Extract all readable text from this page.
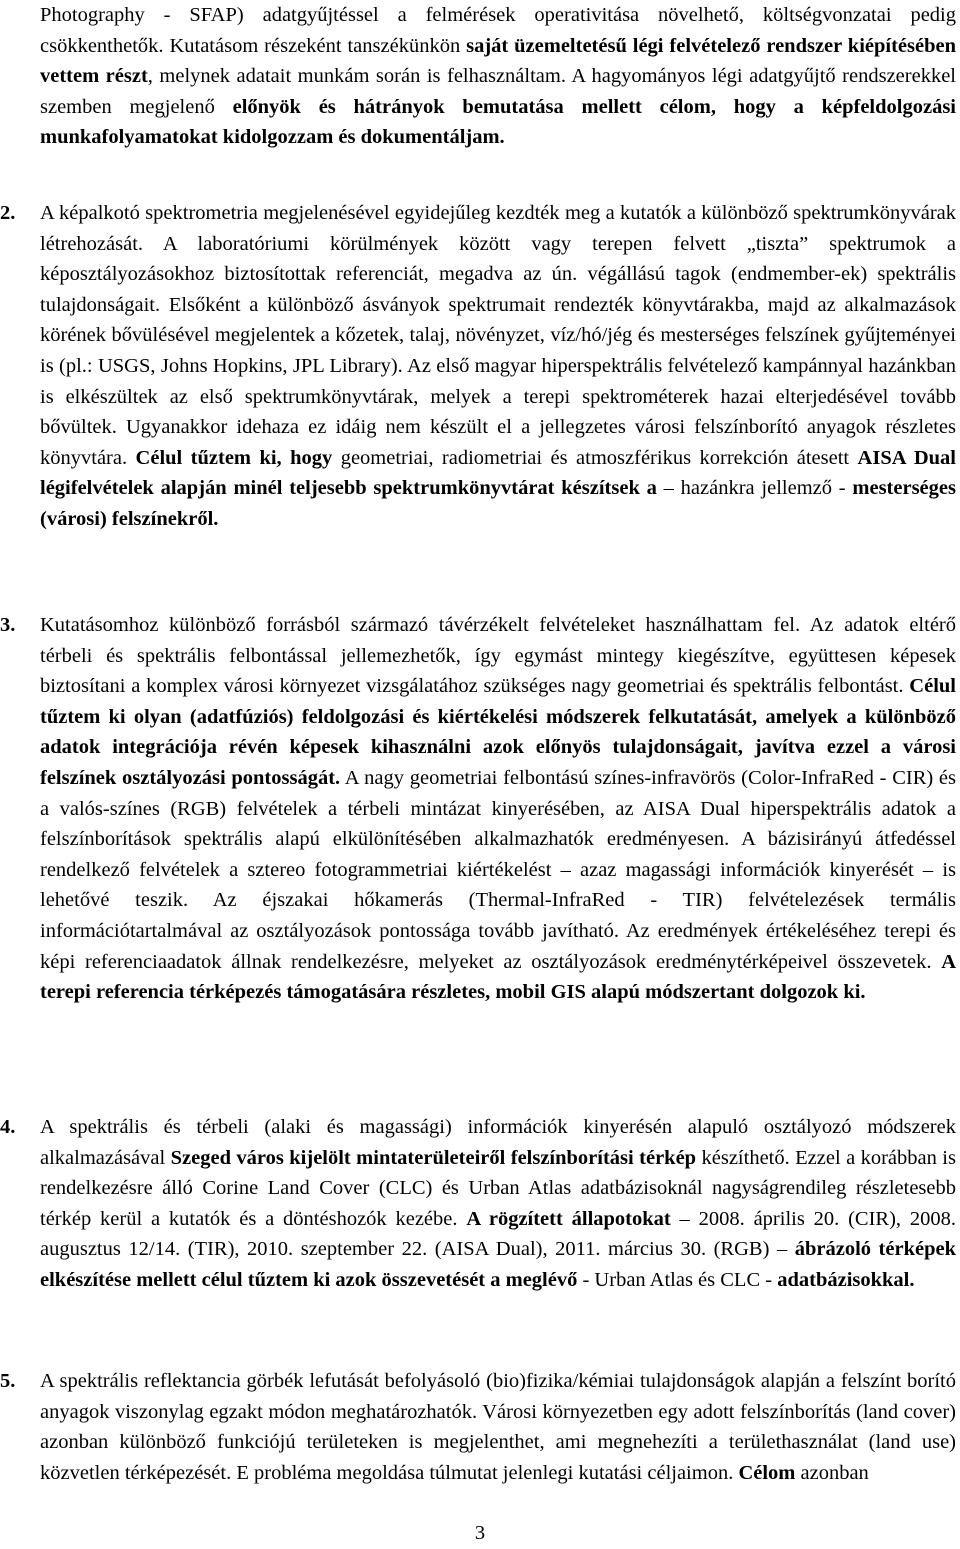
Photography - SFAP) adatgyűjtéssel a felmérések operativitása növelhető, költségvonzatai pedig csökkenthetők. Kutatásom részeként tanszékünkön saját üzemeltetésű légi felvételező rendszer kiépítésében vettem részt, melynek adatait munkám során is felhasználtam. A hagyományos légi adatgyűjtő rendszerekkel szemben megjelenő előnyök és hátrányok bemutatása mellett célom, hogy a képfeldolgozási munkafolyamatokat kidolgozzam és dokumentáljam.

2.	A képalkotó spektrometria megjelenésével egyidejűleg kezdték meg a kutatók a különböző spektrumkönyvárak létrehozását. A laboratóriumi körülmények között vagy terepen felvett „tiszta” spektrumok a képosztályozásokhoz biztosítottak referenciát, megadva az ún. végállású tagok (endmember-ek) spektrális tulajdonságait. Elsőként a különböző ásványok spektrumait rendezték könyvtárakba, majd az alkalmazások körének bővülésével megjelentek a kőzetek, talaj, növényzet, víz/hó/jég és mesterséges felszínek gyűjteményei is (pl.: USGS, Johns Hopkins, JPL Library). Az első magyar hiperspektrális felvételező kampánnyal hazánkban is elkészültek az első spektrumkönyvtárak, melyek a terepi spektrométerek hazai elterjedésével tovább bővültek. Ugyanakkor idehaza ez idáig nem készült el a jellegzetes városi felszínborító anyagok részletes könyvtára. Célul tűztem ki, hogy geometriai, radiometriai és atmoszférikus korrekción átesett AISA Dual légifelvételek alapján minél teljesebb spektrumkönyvtárat készítsek a – hazánkra jellemző - mesterséges (városi) felszínekről.

3.	Kutatásomhoz különböző forrásból származó távérzékelt felvételeket használhattam fel. Az adatok eltérő térbeli és spektrális felbontással jellemezhetők, így egymást mintegy kiegészítve, együttesen képesek biztosítani a komplex városi környezet vizsgálatához szükséges nagy geometriai és spektrális felbontást. Célul tűztem ki olyan (adatfúziós) feldolgozási és kiértékelési módszerek felkutatását, amelyek a különböző adatok integrációja révén képesek kihasználni azok előnyös tulajdonságait, javítva ezzel a városi felszínek osztályozási pontosságát. A nagy geometriai felbontású színes-infravörös (Color-InfraRed - CIR) és a valós-színes (RGB) felvételek a térbeli mintázat kinyerésében, az AISA Dual hiperspektrális adatok a felszínborítások spektrális alapú elkülönítésében alkalmazhatók eredményesen. A bázisirányú átfedéssel rendelkező felvételek a sztereo fotogrammetriai kiértékelést – azaz magassági információk kinyerését – is lehetővé teszik. Az éjszakai hőkamerás (Thermal-InfraRed - TIR) felvételezések termális információtartalmával az osztályozások pontossága tovább javítható. Az eredmények értékeléséhez terepi és képi referenciaadatok állnak rendelkezésre, melyeket az osztályozások eredménytérképeivel összevetek. A terepi referencia térképezés támogatására részletes, mobil GIS alapú módszertant dolgozok ki.

4.	A spektrális és térbeli (alaki és magassági) információk kinyerésén alapuló osztályozó módszerek alkalmazásával Szeged város kijelölt mintaterületeiről felszínborítási térkép készíthető. Ezzel a korábban is rendelkezésre álló Corine Land Cover (CLC) és Urban Atlas adatbázisoknál nagyságrendileg részletesebb térkép kerül a kutatók és a döntéshozók kezébe. A rögzített állapotokat – 2008. április 20. (CIR), 2008. augusztus 12/14. (TIR), 2010. szeptember 22. (AISA Dual), 2011. március 30. (RGB) – ábrázoló térképek elkészítése mellett célul tűztem ki azok összevetését a meglévő - Urban Atlas és CLC - adatbázisokkal.

5.	A spektrális reflektancia görbék lefutását befolyásoló (bio)fizika/kémiai tulajdonságok alapján a felszínt borító anyagok viszonylag egzakt módon meghatározhatók. Városi környezetben egy adott felszínborítás (land cover) azonban különböző funkciójú területeken is megjelenthet, ami megnehezíti a területhasználat (land use) közvetlen térképezését. E probléma megoldása túlmutat jelenlegi kutatási céljaimon. Célom azonban

3
